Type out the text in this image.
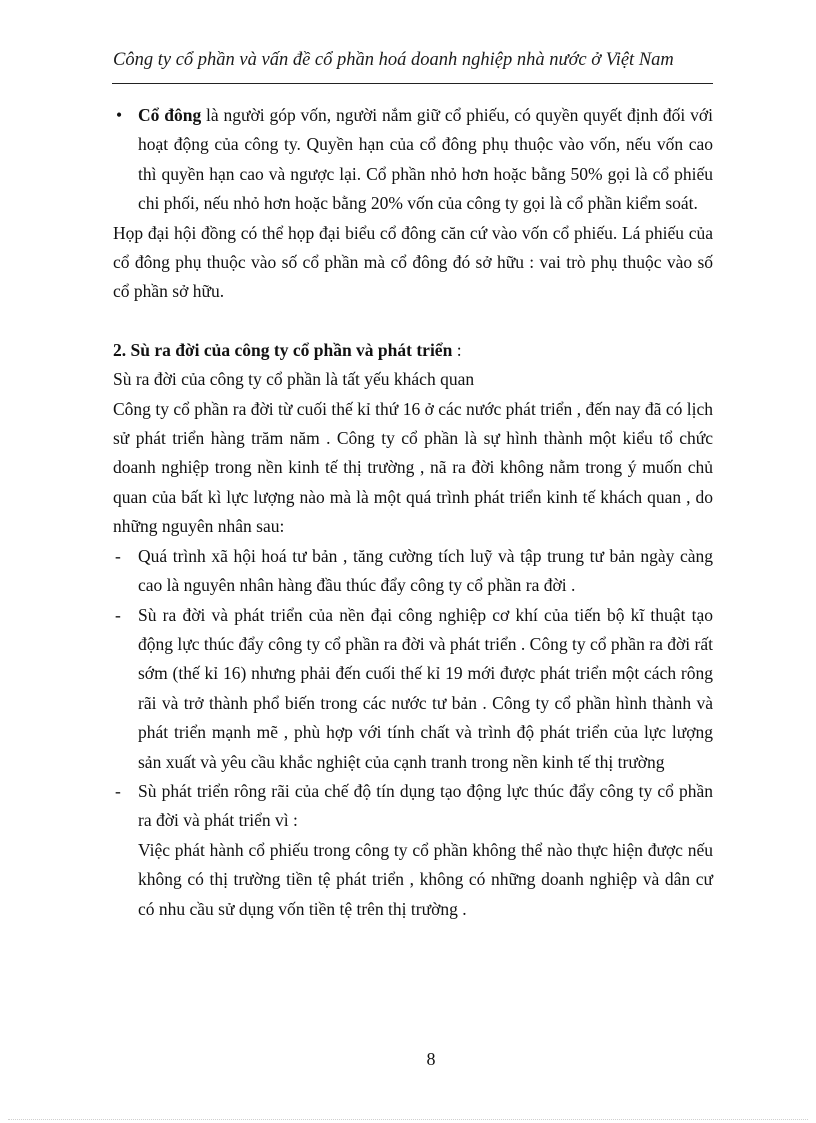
Công ty cổ phần và vấn đề cổ phần hoá doanh nghiệp nhà nước ở Việt Nam

• Cổ đông là người góp vốn, người nắm giữ cổ phiếu, có quyền quyết định đối với hoạt động của công ty. Quyền hạn của cổ đông phụ thuộc vào vốn, nếu vốn cao thì quyền hạn cao và ngược lại. Cổ phần nhỏ hơn hoặc bằng 50% gọi là cổ phiếu chi phối, nếu nhỏ hơn hoặc bằng 20% vốn của công ty gọi là cổ phần kiểm soát.

Họp đại hội đồng có thể họp đại biểu cổ đông căn cứ vào vốn cổ phiếu. Lá phiếu của cổ đông phụ thuộc vào số cổ phần mà cổ đông đó sở hữu : vai trò phụ thuộc vào số cổ phần sở hữu.

2. Sù ra đời của công ty cổ phần và phát triển :

Sù ra đời của công ty cổ phần là tất yếu khách quan

Công ty cổ phần ra đời từ cuối thế kỉ thứ 16 ở các nước phát triển , đến nay đã có lịch sử phát triển hàng trăm năm . Công ty cổ phần là sự hình thành một kiểu tổ chức doanh nghiệp trong nền kinh tế thị trường , nã ra đời không nằm trong ý muốn chủ quan của bất kì lực lượng nào mà là một quá trình phát triển kinh tế khách quan , do những nguyên nhân sau:

- Quá trình xã hội hoá tư bản , tăng cường tích luỹ và tập trung tư bản ngày càng cao là nguyên nhân hàng đầu thúc đẩy công ty cổ phần ra đời .

- Sù ra đời và phát triển của nền đại công nghiệp cơ khí của tiến bộ kĩ thuật tạo động lực thúc đẩy công ty cổ phần ra đời và phát triển . Công ty cổ phần ra đời rất sớm (thế kỉ 16) nhưng phải đến cuối thế kỉ 19 mới được phát triển một cách rông rãi và trở thành phổ biến trong các nước tư bản . Công ty cổ phần hình thành và phát triển mạnh mẽ , phù hợp với tính chất và trình độ phát triển của lực lượng sản xuất và yêu cầu khắc nghiệt của cạnh tranh trong nền kinh tế thị trường

- Sù phát triển rông rãi của chế độ tín dụng tạo động lực thúc đẩy công ty cổ phần ra đời và phát triển vì :

Việc phát hành cổ phiếu trong công ty cổ phần không thể nào thực hiện được nếu không có thị trường tiền tệ phát triển , không có những doanh nghiệp và dân cư có nhu cầu sử dụng vốn tiền tệ trên thị trường .

8
